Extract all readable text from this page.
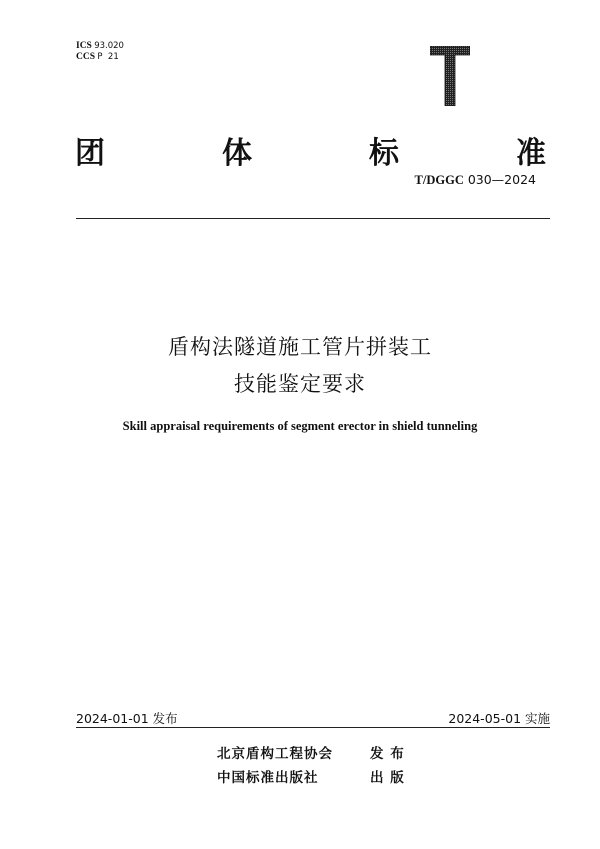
ICS 93.020
CCS P  21
团	体	标	准
T/DGGC 030—2024
盾构法隧道施工管片拼装工
技能鉴定要求
Skill appraisal requirements of segment erector in shield tunneling
2024-01-01 发布	2024-05-01 实施
北京盾构工程协会	发 布
中国标准出版社	出 版
